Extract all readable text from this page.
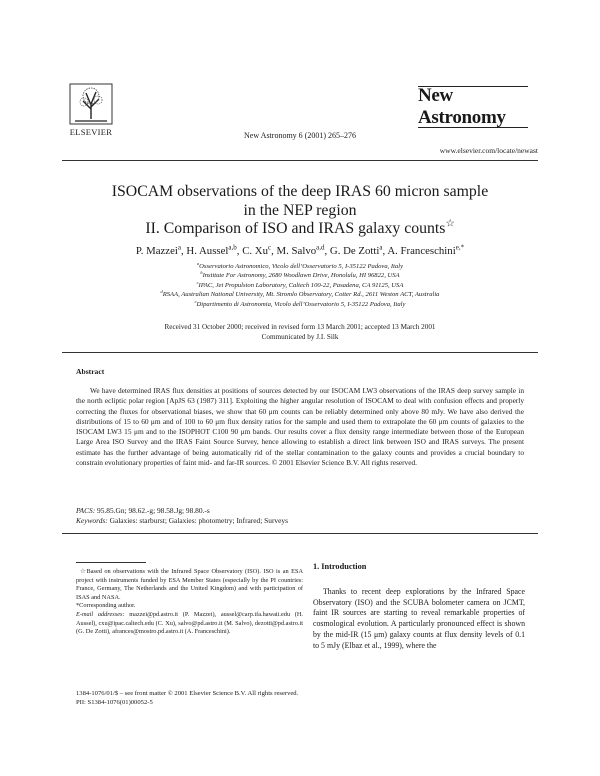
ELSEVIER	New Astronomy 6 (2001) 265–276
New Astronomy
www.elsevier.com/locate/newast
ISOCAM observations of the deep IRAS 60 micron sample
in the NEP region
II. Comparison of ISO and IRAS galaxy counts☆
P. Mazzei$^a$, H. Aussel$^{a,b}$, C. Xu$^c$, M. Salvo$^{a,d}$, G. De Zotti$^a$, A. Franceschini$^{e,*}$
$^a$Osservatorio Astronomico, Vicolo dell’Osservatorio 5, I-35122 Padova, Italy
$^b$Institute For Astronomy, 2680 Woodlawn Drive, Honolulu, HI 96822, USA
$^c$IPAC, Jet Propulsion Laboratory, Caltech 100-22, Pasadena, CA 91125, USA
$^d$RSAA, Australian National University, Mt. Stromlo Observatory, Cotter Rd., 2611 Weston ACT, Australia
$^e$Dipartimento di Astronomia, Vicolo dell’Osservatorio 5, I-35122 Padova, Italy
Received 31 October 2000; received in revised form 13 March 2001; accepted 13 March 2001
Communicated by J.I. Silk
Abstract
We have determined IRAS flux densities at positions of sources detected by our ISOCAM LW3 observations of the IRAS deep survey sample in the north ecliptic polar region [ApJS 63 (1987) 311]. Exploiting the higher angular resolution of ISOCAM to deal with confusion effects and properly correcting the fluxes for observational biases, we show that 60 μm counts can be reliably determined only above 80 mJy. We have also derived the distributions of 15 to 60 μm and of 100 to 60 μm flux density ratios for the sample and used them to extrapolate the 60 μm counts of galaxies to the ISOCAM LW3 15 μm and to the ISOPHOT C100 90 μm bands. Our results cover a flux density range intermediate between those of the European Large Area ISO Survey and the IRAS Faint Source Survey, hence allowing to establish a direct link between ISO and IRAS surveys. The present estimate has the further advantage of being automatically rid of the stellar contamination to the galaxy counts and provides a crucial boundary to constrain evolutionary properties of faint mid- and far-IR sources. © 2001 Elsevier Science B.V. All rights reserved.
PACS: 95.85.Gn; 98.62.-g; 98.58.Jg; 98.80.-s
Keywords: Galaxies: starburst; Galaxies: photometry; Infrared; Surveys
☆Based on observations with the Infrared Space Observatory (ISO). ISO is an ESA project with instruments funded by ESA Member States (especially by the PI countries: France, Germany, The Netherlands and the United Kingdom) and with participation of ISAS and NASA.
*Corresponding author.
E-mail addresses: mazzei@pd.astro.it (P. Mazzei), aussel@carp.ifa.hawaii.edu (H. Aussel), cxu@ipac.caltech.edu (C. Xu), salvo@pd.astro.it (M. Salvo), dezotti@pd.astro.it (G. De Zotti), afrances@mostro.pd.astro.it (A. Franceschini).
1. Introduction
Thanks to recent deep explorations by the Infrared Space Observatory (ISO) and the SCUBA bolometer camera on JCMT, faint IR sources are starting to reveal remarkable properties of cosmological evolution. A particularly pronounced effect is shown by the mid-IR (15 μm) galaxy counts at flux density levels of 0.1 to 5 mJy (Elbaz et al., 1999), where the
1384-1076/01/$ – see front matter © 2001 Elsevier Science B.V. All rights reserved.
PII: S1384-1076(01)00052-5
